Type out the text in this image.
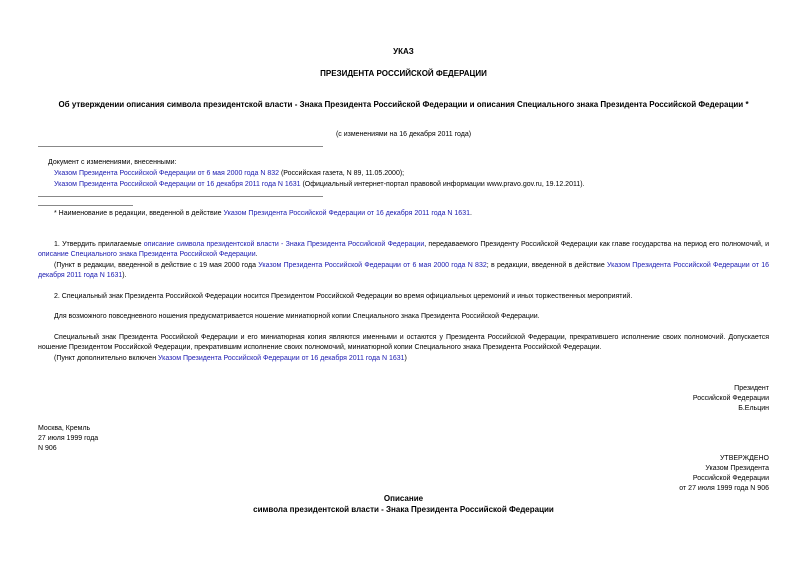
УКАЗ
ПРЕЗИДЕНТА РОССИЙСКОЙ ФЕДЕРАЦИИ
Об утверждении описания символа президентской власти - Знака Президента Российской Федерации и описания Специального знака Президента Российской Федерации *
(с изменениями на 16 декабря 2011 года)
Документ с изменениями, внесенными:
Указом Президента Российской Федерации от 6 мая 2000 года N 832 (Российская газета, N 89, 11.05.2000);
Указом Президента Российской Федерации от 16 декабря 2011 года N 1631 (Официальный интернет-портал правовой информации www.pravo.gov.ru, 19.12.2011).
* Наименование в редакции, введенной в действие Указом Президента Российской Федерации от 16 декабря 2011 года N 1631.
1. Утвердить прилагаемые описание символа президентской власти - Знака Президента Российской Федерации, передаваемого Президенту Российской Федерации как главе государства на период его полномочий, и описание Специального знака Президента Российской Федерации.
(Пункт в редакции, введенной в действие с 19 мая 2000 года Указом Президента Российской Федерации от 6 мая 2000 года N 832; в редакции, введенной в действие Указом Президента Российской Федерации от 16 декабря 2011 года N 1631).
2. Специальный знак Президента Российской Федерации носится Президентом Российской Федерации во время официальных церемоний и иных торжественных мероприятий.
Для возможного повседневного ношения предусматривается ношение миниатюрной копии Специального знака Президента Российской Федерации.
Специальный знак Президента Российской Федерации и его миниатюрная копия являются именными и остаются у Президента Российской Федерации, прекратившего исполнение своих полномочий. Допускается ношение Президентом Российской Федерации, прекратившим исполнение своих полномочий, миниатюрной копии Специального знака Президента Российской Федерации.
(Пункт дополнительно включен Указом Президента Российской Федерации от 16 декабря 2011 года N 1631)
Президент
Российской Федерации
Б.Ельцин
Москва, Кремль
27 июля 1999 года
N 906
УТВЕРЖДЕНО
Указом Президента
Российской Федерации
от 27 июля 1999 года N 906
Описание
символа президентской власти - Знака Президента Российской Федерации
